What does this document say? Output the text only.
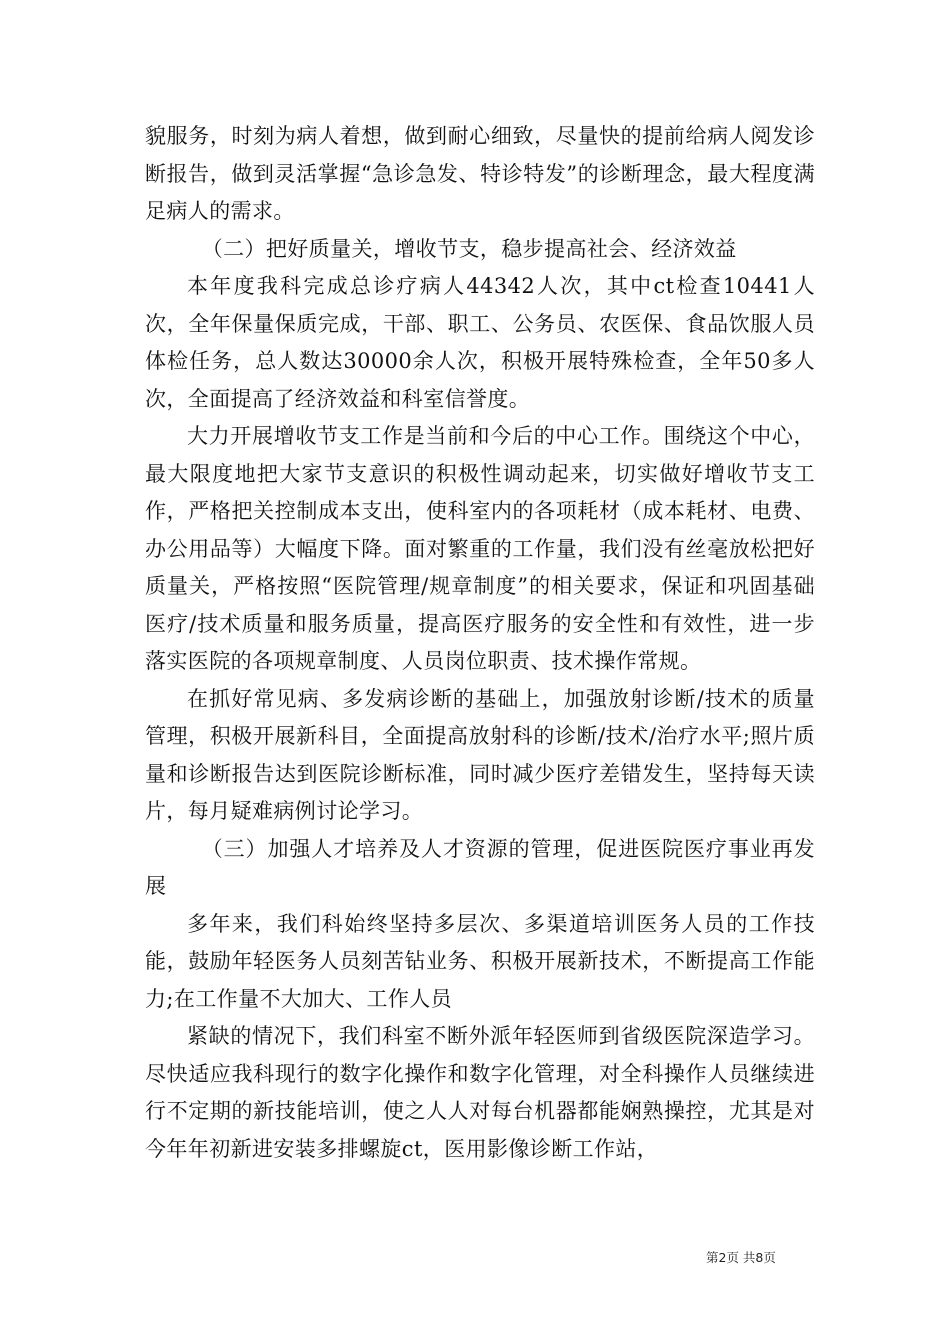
貌服务，时刻为病人着想，做到耐心细致，尽量快的提前给病人阅发诊断报告，做到灵活掌握“急诊急发、特诊特发”的诊断理念，最大程度满足病人的需求。

（二）把好质量关，增收节支，稳步提高社会、经济效益

本年度我科完成总诊疗病人44342人次，其中ct检查10441人次，全年保量保质完成，干部、职工、公务员、农医保、食品饮服人员体检任务，总人数达30000余人次，积极开展特殊检查，全年50多人次，全面提高了经济效益和科室信誉度。

大力开展增收节支工作是当前和今后的中心工作。围绕这个中心，最大限度地把大家节支意识的积极性调动起来，切实做好增收节支工作，严格把关控制成本支出，使科室内的各项耗材（成本耗材、电费、办公用品等）大幅度下降。面对繁重的工作量，我们没有丝毫放松把好质量关，严格按照“医院管理/规章制度”的相关要求，保证和巩固基础医疗/技术质量和服务质量，提高医疗服务的安全性和有效性，进一步落实医院的各项规章制度、人员岗位职责、技术操作常规。

在抓好常见病、多发病诊断的基础上，加强放射诊断/技术的质量管理，积极开展新科目，全面提高放射科的诊断/技术/治疗水平;照片质量和诊断报告达到医院诊断标准，同时减少医疗差错发生，坚持每天读片，每月疑难病例讨论学习。

（三）加强人才培养及人才资源的管理，促进医院医疗事业再发展

多年来，我们科始终坚持多层次、多渠道培训医务人员的工作技能，鼓励年轻医务人员刻苦钻业务、积极开展新技术，不断提高工作能力;在工作量不大加大、工作人员

紧缺的情况下，我们科室不断外派年轻医师到省级医院深造学习。尽快适应我科现行的数字化操作和数字化管理，对全科操作人员继续进行不定期的新技能培训，使之人人对每台机器都能娴熟操控，尤其是对今年年初新进安装多排螺旋ct，医用影像诊断工作站，

第2页 共8页
